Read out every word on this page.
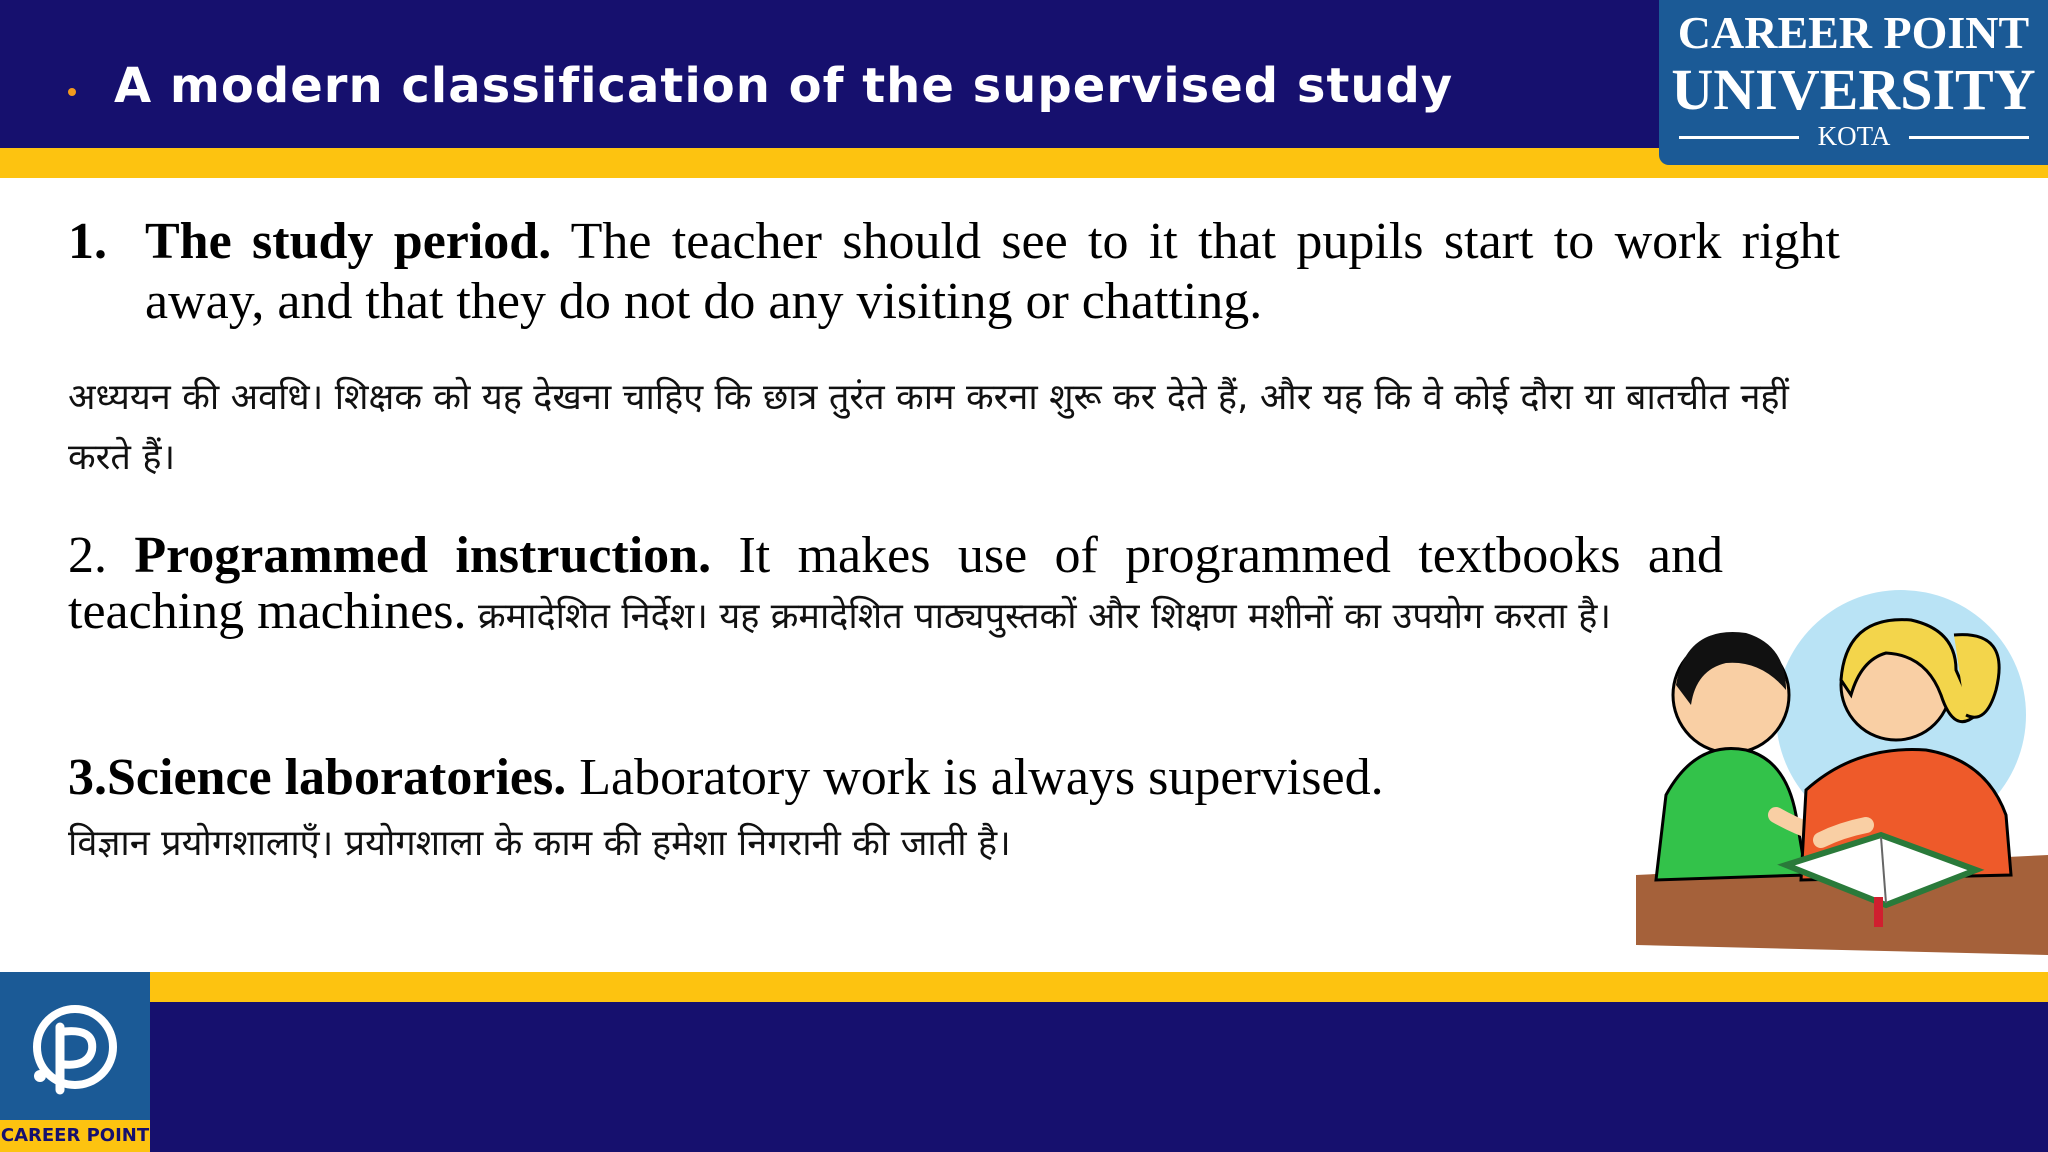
A modern classification of the supervised study
CAREER POINT
UNIVERSITY
KOTA
1. The study period. The teacher should see to it that pupils start to work right away, and that they do not do any visiting or chatting.
अध्ययन की अवधि। शिक्षक को यह देखना चाहिए कि छात्र तुरंत काम करना शुरू कर देते हैं, और यह कि वे कोई दौरा या बातचीत नहीं करते हैं।
2. Programmed instruction. It makes use of programmed textbooks and teaching machines. क्रमादेशित निर्देश। यह क्रमादेशित पाठ्यपुस्तकों और शिक्षण मशीनों का उपयोग करता है।
3.Science laboratories. Laboratory work is always supervised.
विज्ञान प्रयोगशालाएँ। प्रयोगशाला के काम की हमेशा निगरानी की जाती है।
CAREER POINT
